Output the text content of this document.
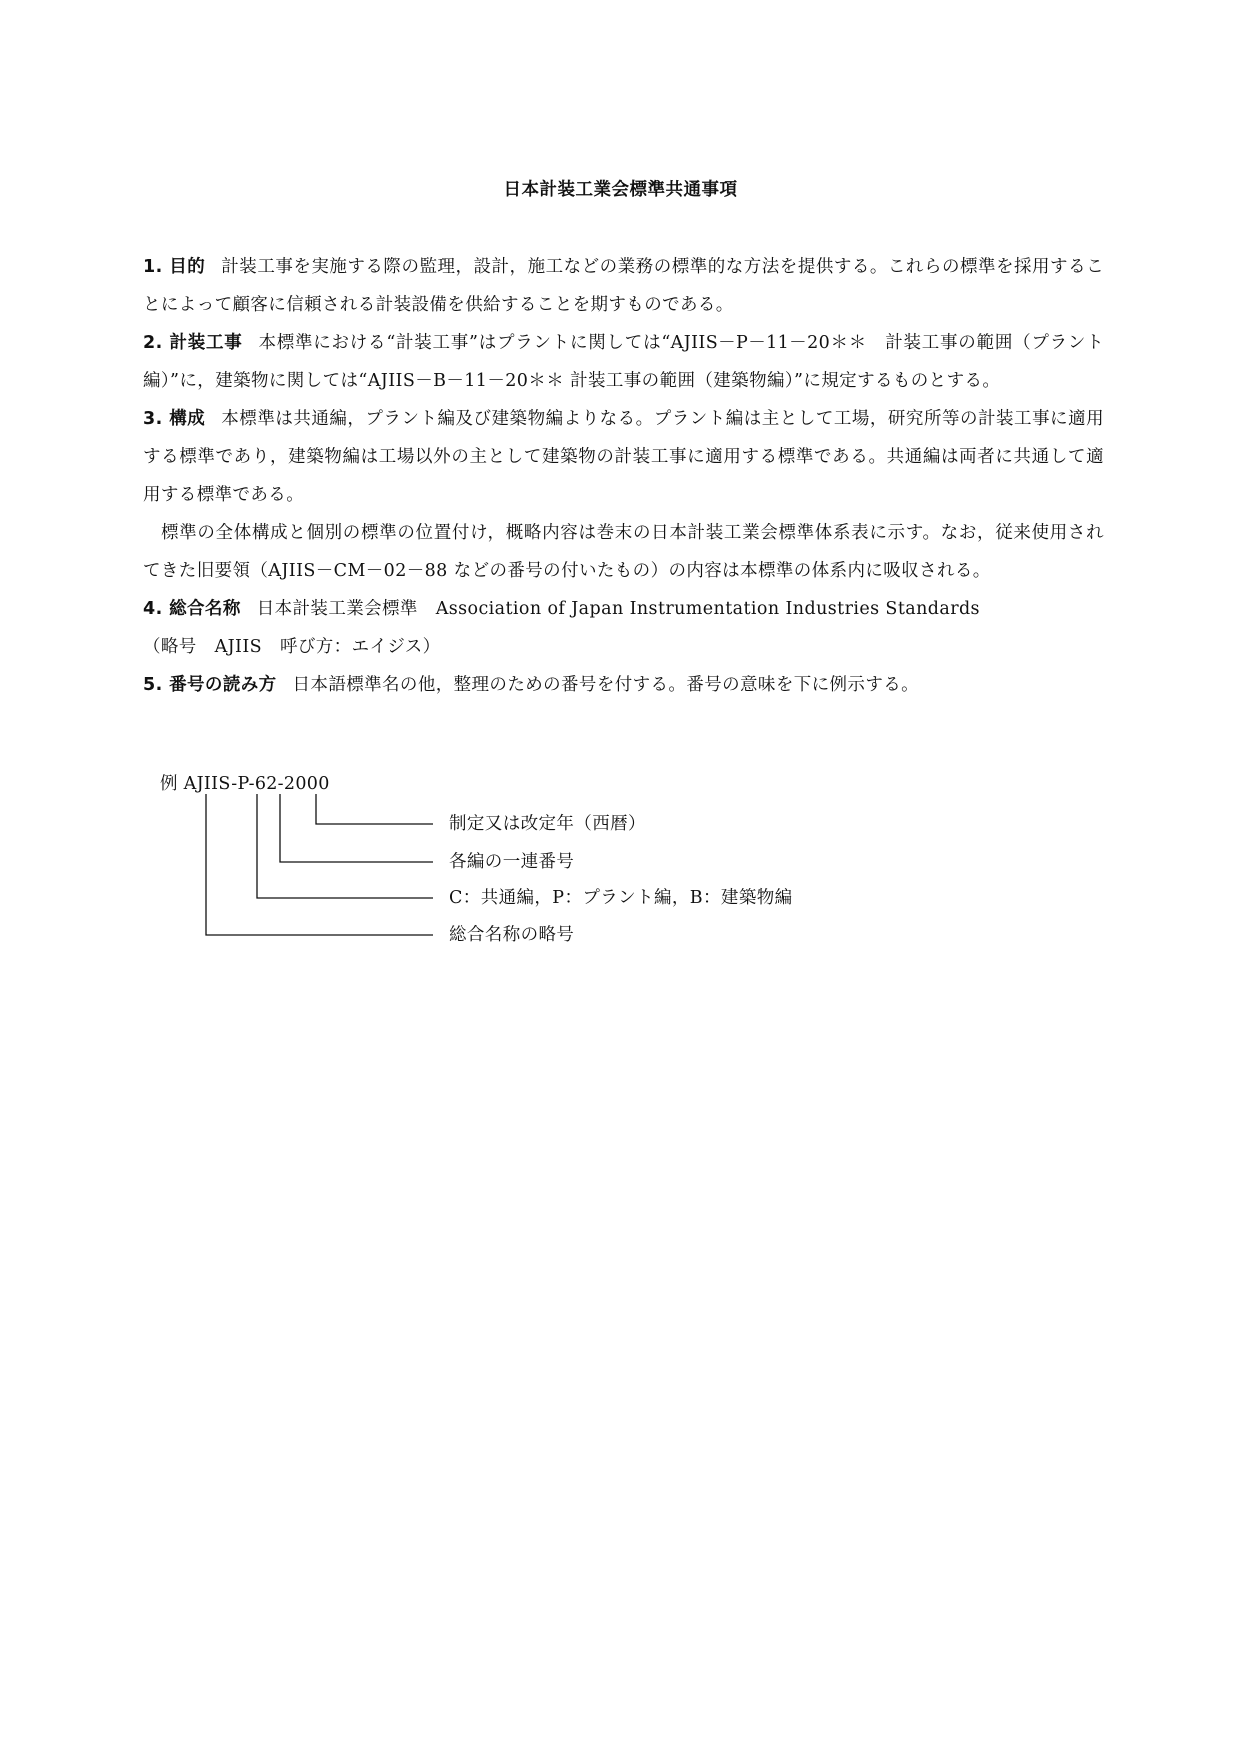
日本計装工業会標準共通事項

1. 目的 計装工事を実施する際の監理，設計，施工などの業務の標準的な方法を提供する。これらの標準を採用することによって顧客に信頼される計装設備を供給することを期すものである。

2. 計装工事 本標準における“計装工事”はプラントに関しては“AJIIS－P－11－20＊＊　計装工事の範囲（プラント編）”に，建築物に関しては“AJIIS－B－11－20＊＊ 計装工事の範囲（建築物編）”に規定するものとする。

3. 構成 本標準は共通編，プラント編及び建築物編よりなる。プラント編は主として工場，研究所等の計装工事に適用する標準であり，建築物編は工場以外の主として建築物の計装工事に適用する標準である。共通編は両者に共通して適用する標準である。

標準の全体構成と個別の標準の位置付け，概略内容は巻末の日本計装工業会標準体系表に示す。なお，従来使用されてきた旧要領（AJIIS－CM－02－88 などの番号の付いたもの）の内容は本標準の体系内に吸収される。

4. 総合名称 日本計装工業会標準　Association of Japan Instrumentation Industries Standards

（略号　AJIIS　呼び方：エイジス）

5. 番号の読み方 日本語標準名の他，整理のための番号を付する。番号の意味を下に例示する。

例 AJIIS-P-62-2000
制定又は改定年（西暦）
各編の一連番号
C：共通編，P：プラント編，B：建築物編
総合名称の略号
